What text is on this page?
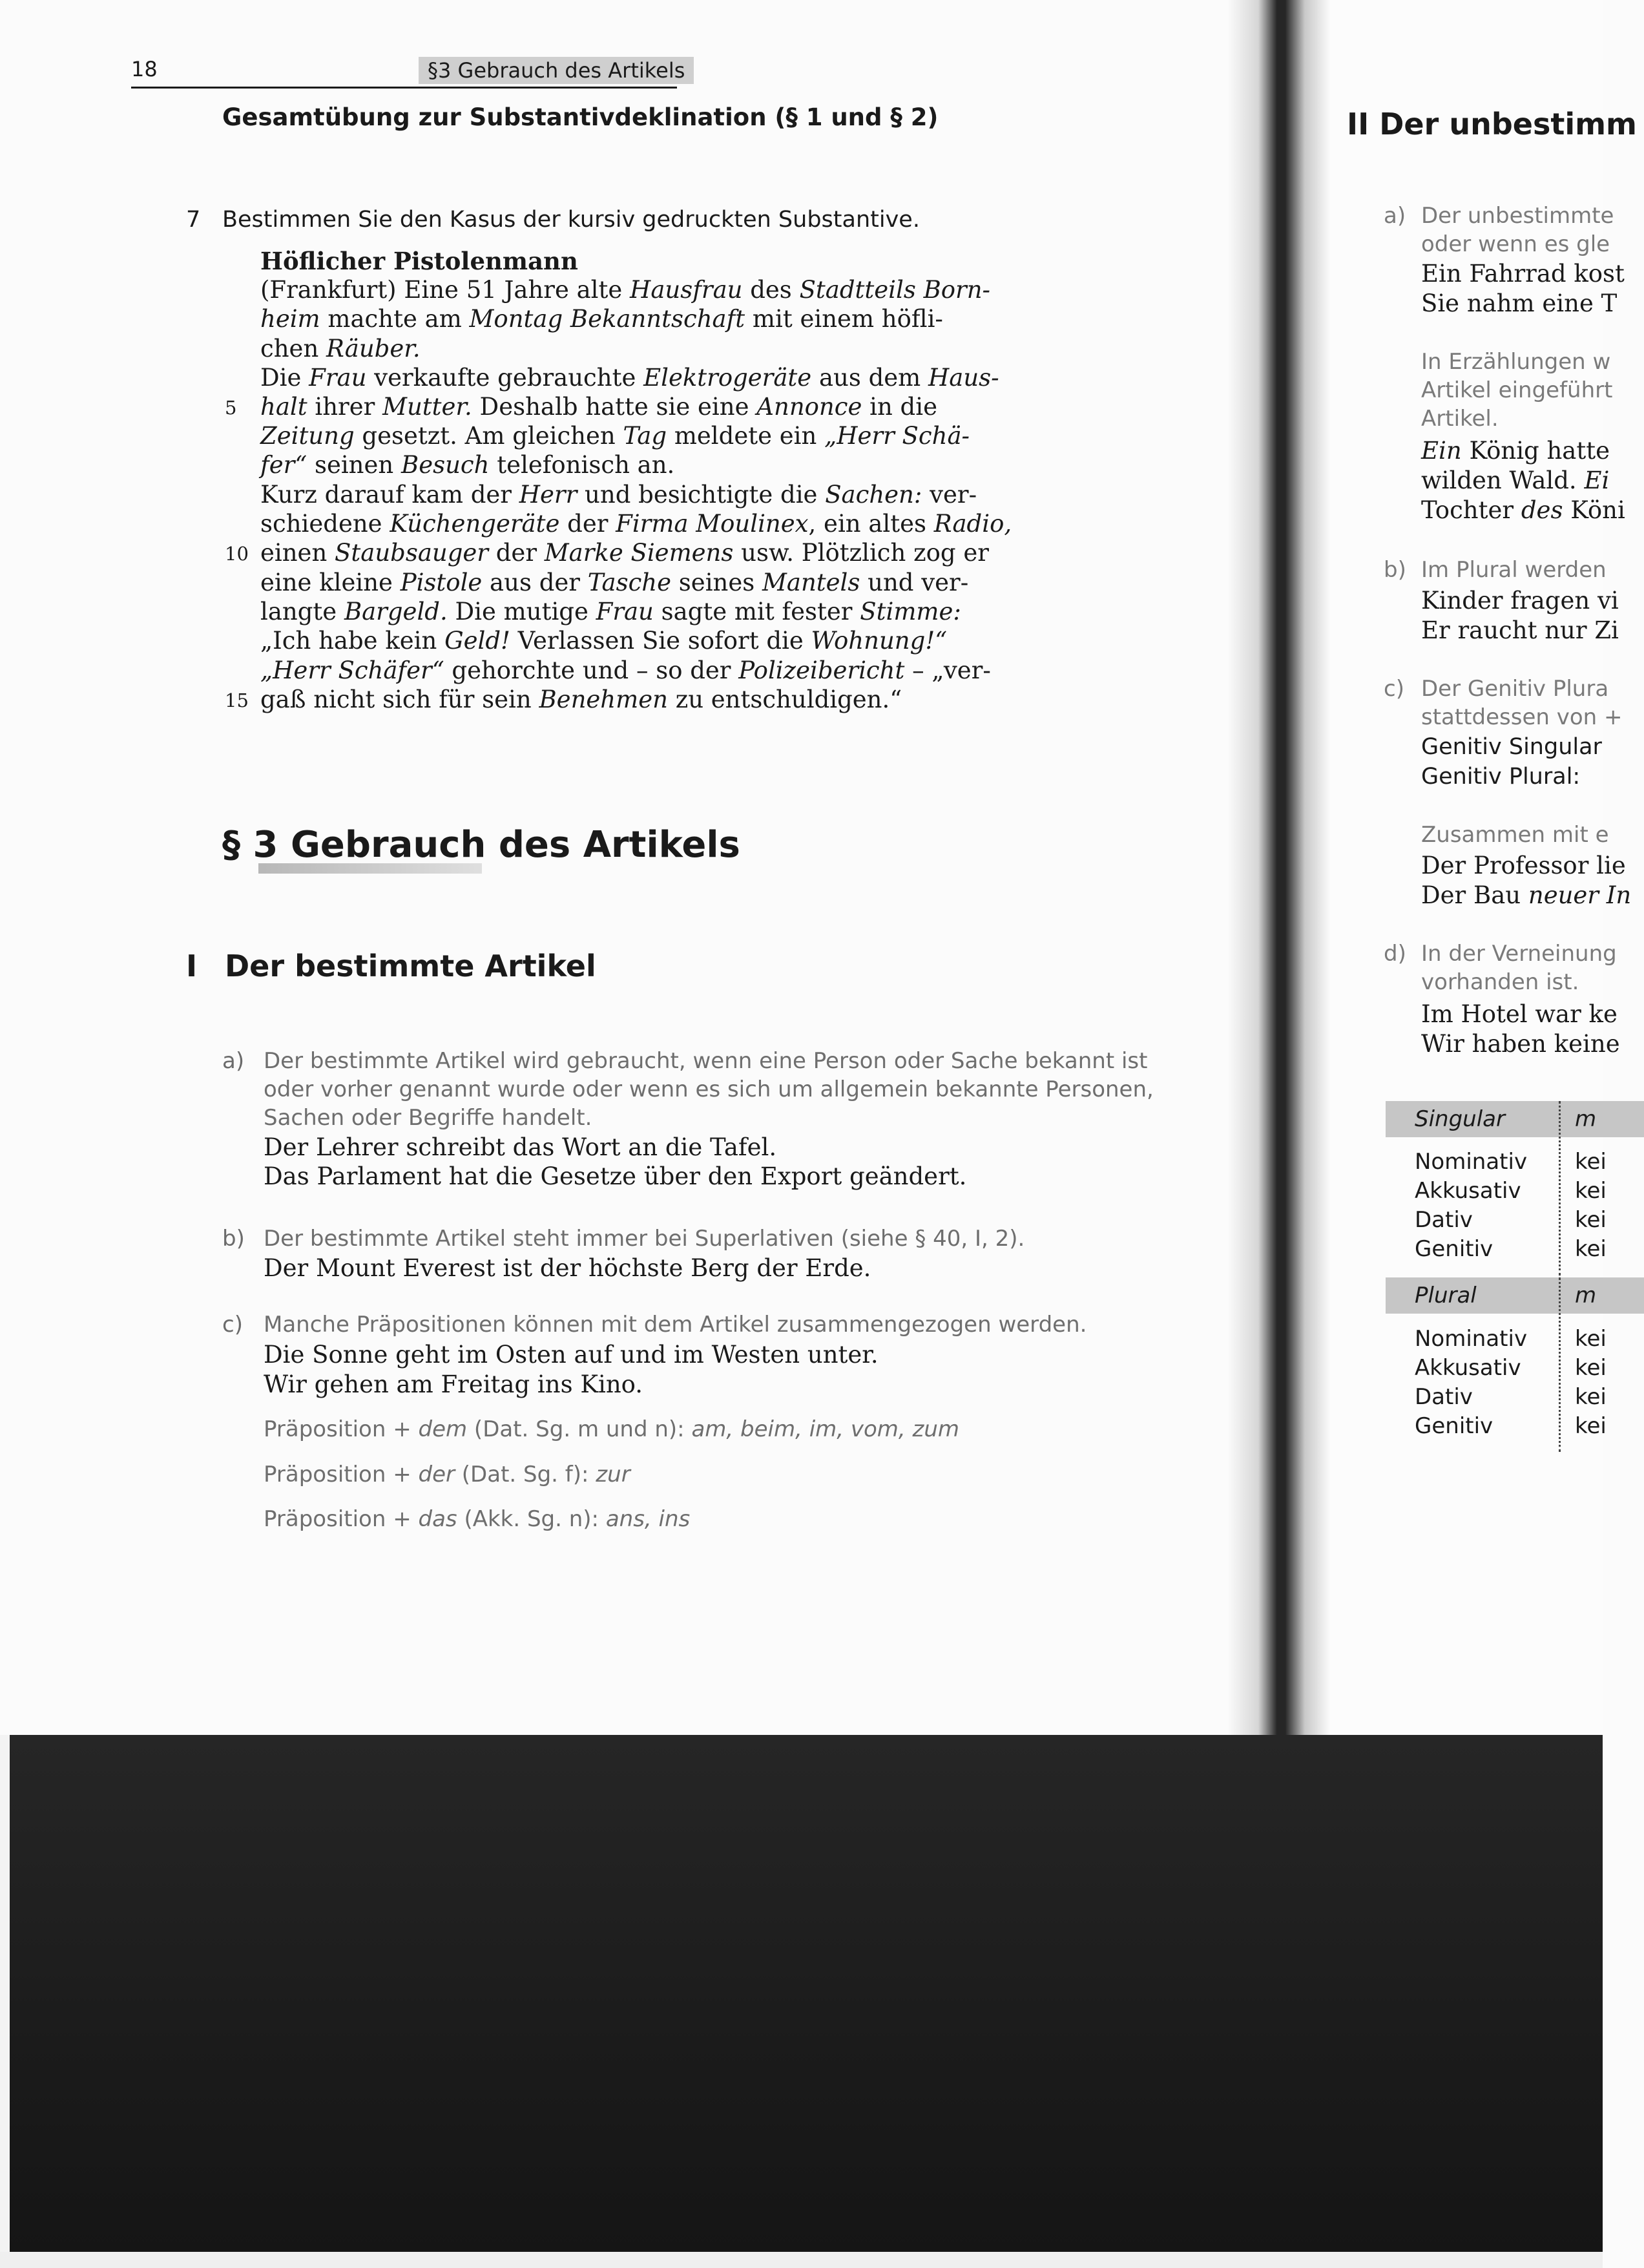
18	§3 Gebrauch des Artikels
Gesamtübung zur Substantivdeklination (§ 1 und § 2)
7 Bestimmen Sie den Kasus der kursiv gedruckten Substantive.
Höflicher Pistolenmann
(Frankfurt) Eine 51 Jahre alte Hausfrau des Stadtteils Born-
heim machte am Montag Bekanntschaft mit einem höfli-
chen Räuber.
Die Frau verkaufte gebrauchte Elektrogeräte aus dem Haus-
halt ihrer Mutter. Deshalb hatte sie eine Annonce in die
Zeitung gesetzt. Am gleichen Tag meldete ein „Herr Schä-
fer“ seinen Besuch telefonisch an.
Kurz darauf kam der Herr und besichtigte die Sachen: ver-
schiedene Küchengeräte der Firma Moulinex, ein altes Radio,
einen Staubsauger der Marke Siemens usw. Plötzlich zog er
eine kleine Pistole aus der Tasche seines Mantels und ver-
langte Bargeld. Die mutige Frau sagte mit fester Stimme:
„Ich habe kein Geld! Verlassen Sie sofort die Wohnung!“
„Herr Schäfer“ gehorchte und – so der Polizeibericht – „ver-
gaß nicht sich für sein Benehmen zu entschuldigen.“
5
10
15
§ 3 Gebrauch des Artikels
I Der bestimmte Artikel
a) Der bestimmte Artikel wird gebraucht, wenn eine Person oder Sache bekannt ist
oder vorher genannt wurde oder wenn es sich um allgemein bekannte Personen,
Sachen oder Begriffe handelt.
Der Lehrer schreibt das Wort an die Tafel.
Das Parlament hat die Gesetze über den Export geändert.
b) Der bestimmte Artikel steht immer bei Superlativen (siehe § 40, I, 2).
Der Mount Everest ist der höchste Berg der Erde.
c) Manche Präpositionen können mit dem Artikel zusammengezogen werden.
Die Sonne geht im Osten auf und im Westen unter.
Wir gehen am Freitag ins Kino.
Präposition + dem (Dat. Sg. m und n): am, beim, im, vom, zum
Präposition + der (Dat. Sg. f): zur
Präposition + das (Akk. Sg. n): ans, ins
II Der unbestimm
a) Der unbestimmte
oder wenn es gle
Ein Fahrrad kost
Sie nahm eine T
In Erzählungen w
Artikel eingeführt
Artikel.
Ein König hatte
wilden Wald. Ei
Tochter des Köni
b) Im Plural werden
Kinder fragen vi
Er raucht nur Zi
c) Der Genitiv Plura
stattdessen von +
Genitiv Singular
Genitiv Plural:
Zusammen mit e
Der Professor lie
Der Bau neuer In
d) In der Verneinung
vorhanden ist.
Im Hotel war ke
Wir haben keine
Singular	m
Nominativ kei
Akkusativ kei
Dativ	kei
Genitiv	kei
Plural	m
Nominativ kei
Akkusativ kei
Dativ	kei
Genitiv	kei
